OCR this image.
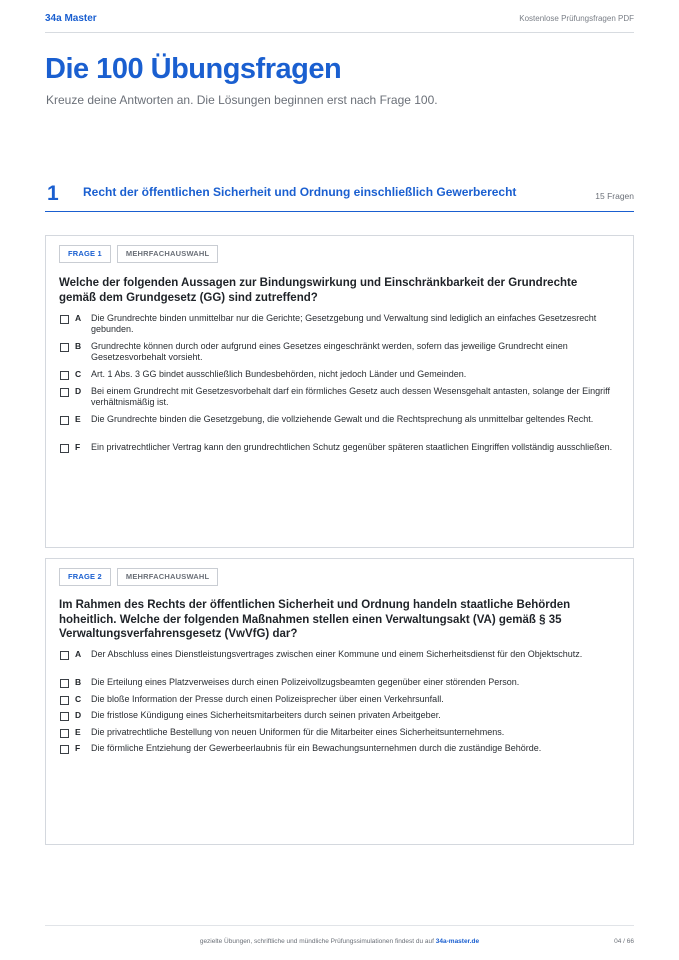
34a Master	Kostenlose Prüfungsfragen PDF
Die 100 Übungsfragen

Kreuze deine Antworten an. Die Lösungen beginnen erst nach Frage 100.

1 Recht der öffentlichen Sicherheit und Ordnung einschließlich Gewerberecht	15 Fragen
FRAGE 1	MEHRFACHAUSWAHL
Welche der folgenden Aussagen zur Bindungswirkung und Einschränkbarkeit der Grundrechte gemäß dem Grundgesetz (GG) sind zutreffend?
A Die Grundrechte binden unmittelbar nur die Gerichte; Gesetzgebung und Verwaltung sind lediglich an einfaches Gesetzesrecht gebunden.
B Grundrechte können durch oder aufgrund eines Gesetzes eingeschränkt werden, sofern das jeweilige Grundrecht einen Gesetzesvorbehalt vorsieht.
C Art. 1 Abs. 3 GG bindet ausschließlich Bundesbehörden, nicht jedoch Länder und Gemeinden.
D Bei einem Grundrecht mit Gesetzesvorbehalt darf ein förmliches Gesetz auch dessen Wesensgehalt antasten, solange der Eingriff verhältnismäßig ist.
E Die Grundrechte binden die Gesetzgebung, die vollziehende Gewalt und die Rechtsprechung als unmittelbar geltendes Recht.
F Ein privatrechtlicher Vertrag kann den grundrechtlichen Schutz gegenüber späteren staatlichen Eingriffen vollständig ausschließen.
FRAGE 2	MEHRFACHAUSWAHL
Im Rahmen des Rechts der öffentlichen Sicherheit und Ordnung handeln staatliche Behörden hoheitlich. Welche der folgenden Maßnahmen stellen einen Verwaltungsakt (VA) gemäß § 35 Verwaltungsverfahrensgesetz (VwVfG) dar?
A Der Abschluss eines Dienstleistungsvertrages zwischen einer Kommune und einem Sicherheitsdienst für den Objektschutz.
B Die Erteilung eines Platzverweises durch einen Polizeivollzugsbeamten gegenüber einer störenden Person.
C Die bloße Information der Presse durch einen Polizeisprecher über einen Verkehrsunfall.
D Die fristlose Kündigung eines Sicherheitsmitarbeiters durch seinen privaten Arbeitgeber.
E Die privatrechtliche Bestellung von neuen Uniformen für die Mitarbeiter eines Sicherheitsunternehmens.
F Die förmliche Entziehung der Gewerbeerlaubnis für ein Bewachungsunternehmen durch die zuständige Behörde.
gezielte Übungen, schriftliche und mündliche Prüfungssimulationen findest du auf 34a-master.de	04 / 66
